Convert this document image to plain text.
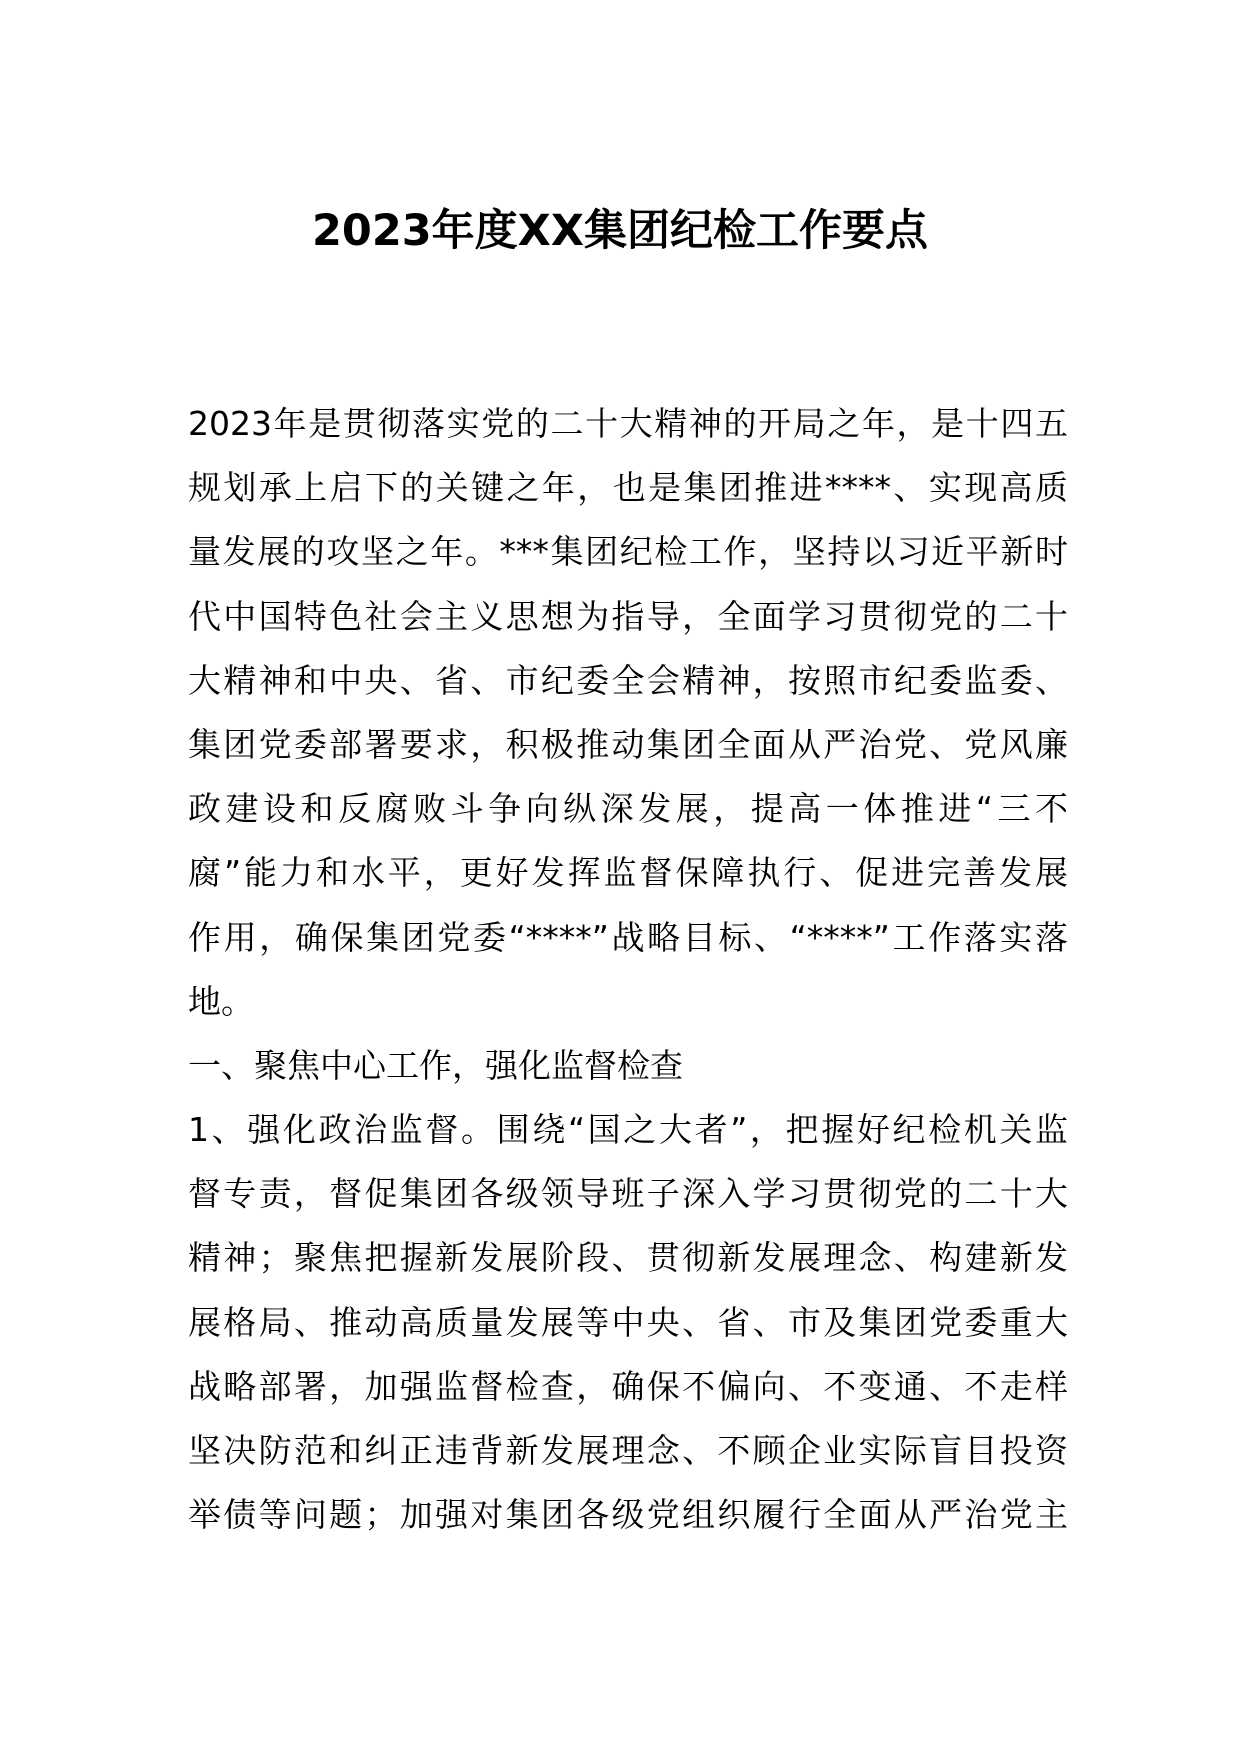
2023年度XX集团纪检工作要点
2023年是贯彻落实党的二十大精神的开局之年，是十四五
规划承上启下的关键之年，也是集团推进****、实现高质
量发展的攻坚之年。***集团纪检工作，坚持以习近平新时
代中国特色社会主义思想为指导，全面学习贯彻党的二十
大精神和中央、省、市纪委全会精神，按照市纪委监委、
集团党委部署要求，积极推动集团全面从严治党、党风廉
政建设和反腐败斗争向纵深发展，提高一体推进“三不
腐”能力和水平，更好发挥监督保障执行、促进完善发展
作用，确保集团党委“****”战略目标、“****”工作落实落
地。
一、聚焦中心工作，强化监督检查
1、强化政治监督。围绕“国之大者”，把握好纪检机关监
督专责，督促集团各级领导班子深入学习贯彻党的二十大
精神；聚焦把握新发展阶段、贯彻新发展理念、构建新发
展格局、推动高质量发展等中央、省、市及集团党委重大
战略部署，加强监督检查，确保不偏向、不变通、不走样
坚决防范和纠正违背新发展理念、不顾企业实际盲目投资
举债等问题；加强对集团各级党组织履行全面从严治党主
